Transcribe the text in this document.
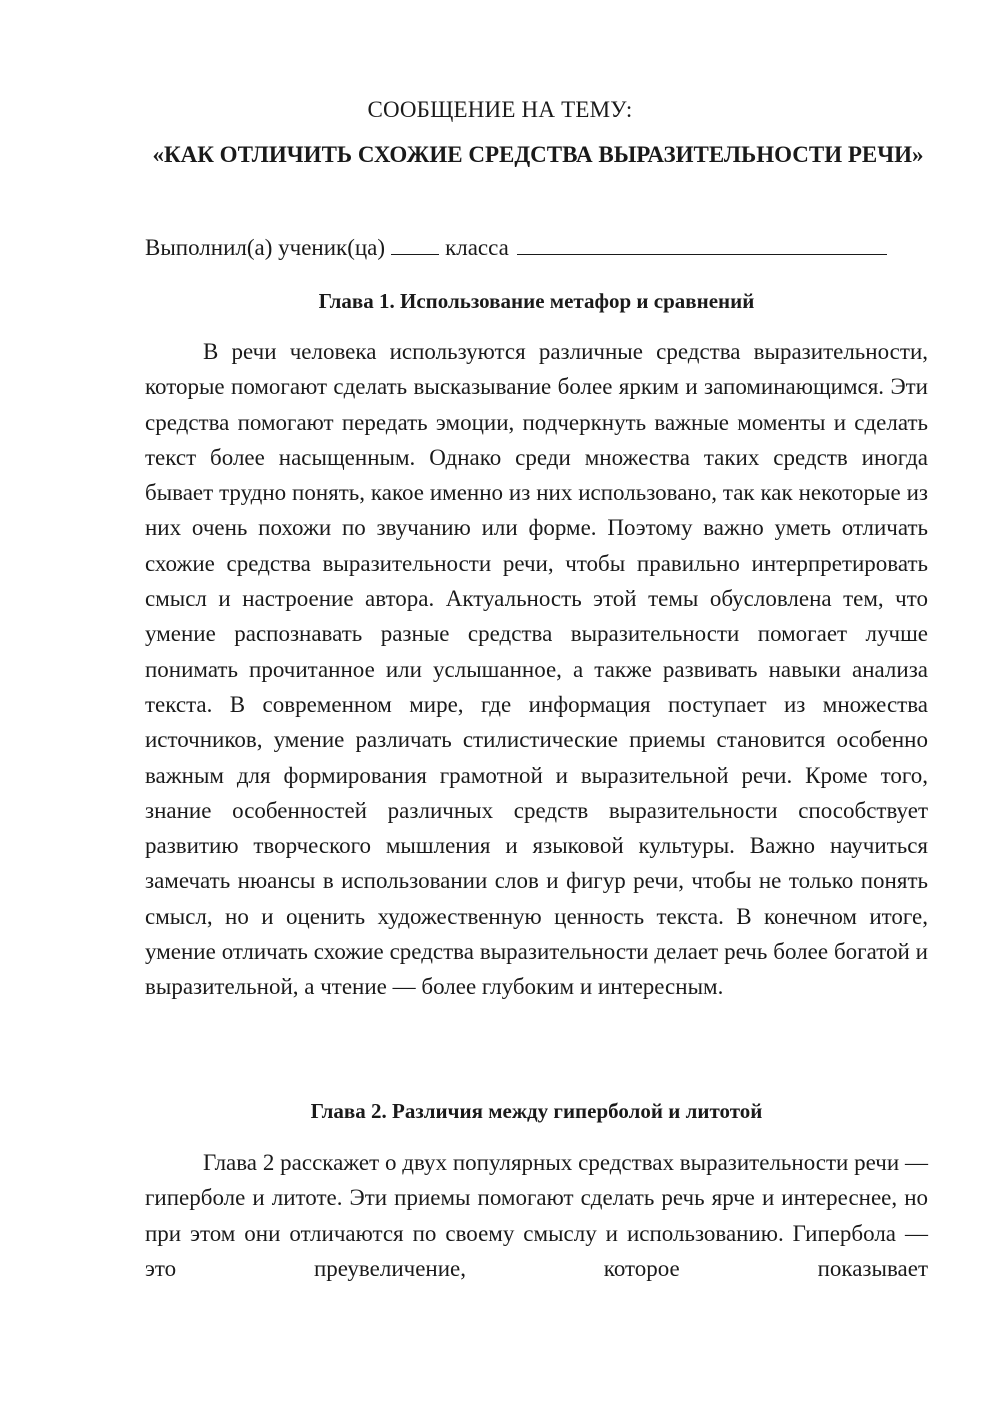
СООБЩЕНИЕ НА ТЕМУ:
«КАК ОТЛИЧИТЬ СХОЖИЕ СРЕДСТВА ВЫРАЗИТЕЛЬНОСТИ РЕЧИ»
Выполнил(а) ученик(ца)	класса
Глава 1. Использование метафор и сравнений

В речи человека используются различные средства выразительности, которые помогают сделать высказывание более ярким и запоминающимся. Эти средства помогают передать эмоции, подчеркнуть важные моменты и сделать текст более насыщенным. Однако среди множества таких средств иногда бывает трудно понять, какое именно из них использовано, так как некоторые из них очень похожи по звучанию или форме. Поэтому важно уметь отличать схожие средства выразительности речи, чтобы правильно интерпретировать смысл и настроение автора. Актуальность этой темы обусловлена тем, что умение распознавать разные средства выразительности помогает лучше понимать прочитанное или услышанное, а также развивать навыки анализа текста. В современном мире, где информация поступает из множества источников, умение различать стилистические приемы становится особенно важным для формирования грамотной и выразительной речи. Кроме того, знание особенностей различных средств выразительности способствует развитию творческого мышления и языковой культуры. Важно научиться замечать нюансы в использовании слов и фигур речи, чтобы не только понять смысл, но и оценить художественную ценность текста. В конечном итоге, умение отличать схожие средства выразительности делает речь более богатой и выразительной, а чтение — более глубоким и интересным.

Глава 2. Различия между гиперболой и литотой

Глава 2 расскажет о двух популярных средствах выразительности речи — гиперболе и литоте. Эти приемы помогают сделать речь ярче и интереснее, но при этом они отличаются по своему смыслу и использованию. Гипербола — это преувеличение, которое показывает
